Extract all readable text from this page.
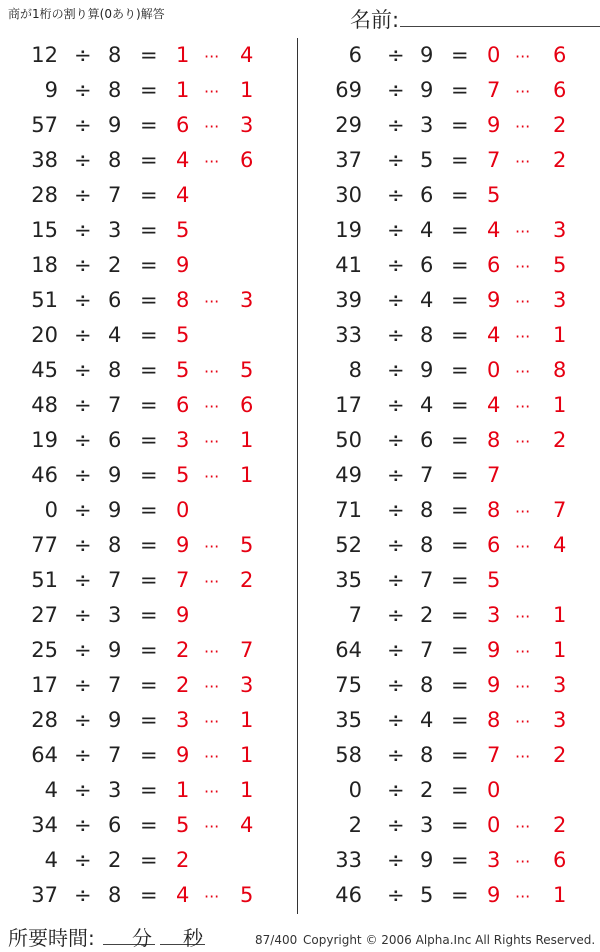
商が1桁の割り算(0あり)解答	名前:
12 ÷ 8 = 1 ··· 4
9 ÷ 8 = 1 ··· 1
57 ÷ 9 = 6 ··· 3
38 ÷ 8 = 4 ··· 6
28 ÷ 7 = 4
15 ÷ 3 = 5
18 ÷ 2 = 9
51 ÷ 6 = 8 ··· 3
20 ÷ 4 = 5
45 ÷ 8 = 5 ··· 5
48 ÷ 7 = 6 ··· 6
19 ÷ 6 = 3 ··· 1
46 ÷ 9 = 5 ··· 1
0 ÷ 9 = 0
77 ÷ 8 = 9 ··· 5
51 ÷ 7 = 7 ··· 2
27 ÷ 3 = 9
25 ÷ 9 = 2 ··· 7
17 ÷ 7 = 2 ··· 3
28 ÷ 9 = 3 ··· 1
64 ÷ 7 = 9 ··· 1
4 ÷ 3 = 1 ··· 1
34 ÷ 6 = 5 ··· 4
4 ÷ 2 = 2
37 ÷ 8 = 4 ··· 5
6 ÷ 9 = 0 ··· 6
69 ÷ 9 = 7 ··· 6
29 ÷ 3 = 9 ··· 2
37 ÷ 5 = 7 ··· 2
30 ÷ 6 = 5
19 ÷ 4 = 4 ··· 3
41 ÷ 6 = 6 ··· 5
39 ÷ 4 = 9 ··· 3
33 ÷ 8 = 4 ··· 1
8 ÷ 9 = 0 ··· 8
17 ÷ 4 = 4 ··· 1
50 ÷ 6 = 8 ··· 2
49 ÷ 7 = 7
71 ÷ 8 = 8 ··· 7
52 ÷ 8 = 6 ··· 4
35 ÷ 7 = 5
7 ÷ 2 = 3 ··· 1
64 ÷ 7 = 9 ··· 1
75 ÷ 8 = 9 ··· 3
35 ÷ 4 = 8 ··· 3
58 ÷ 8 = 7 ··· 2
0 ÷ 2 = 0
2 ÷ 3 = 0 ··· 2
33 ÷ 9 = 3 ··· 6
46 ÷ 5 = 9 ··· 1
所要時間: 分 秒	87/400 Copyright © 2006 Alpha.Inc All Rights Reserved.
